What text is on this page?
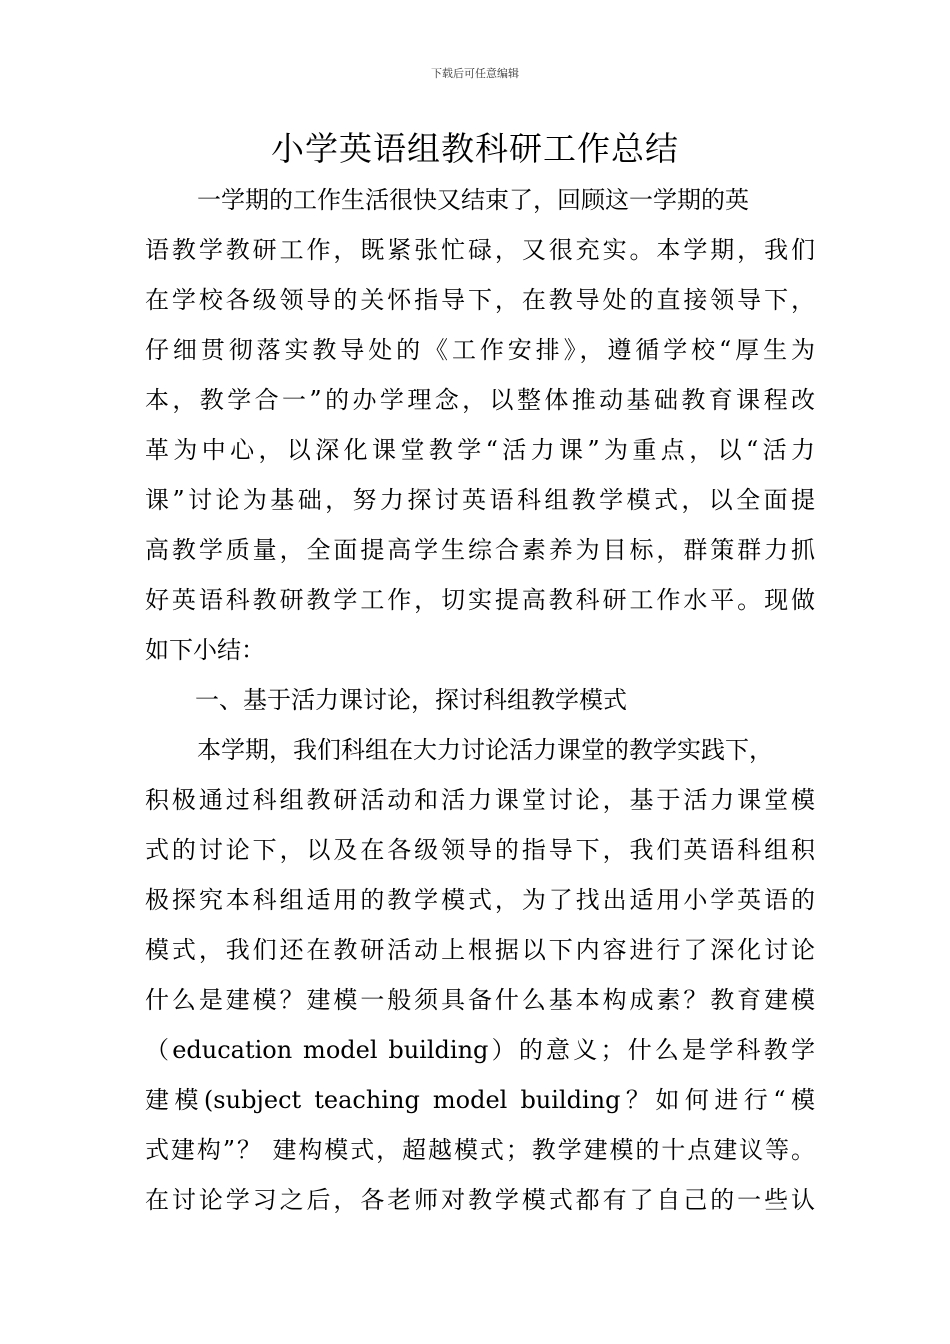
下载后可任意编辑
小学英语组教科研工作总结
一学期的工作生活很快又结束了，回顾这一学期的英
语教学教研工作，既紧张忙碌，又很充实。本学期，我们
在学校各级领导的关怀指导下，在教导处的直接领导下，
仔细贯彻落实教导处的《工作安排》，遵循学校“厚生为
本，教学合一”的办学理念，以整体推动基础教育课程改
革为中心，以深化课堂教学“活力课”为重点，以“活力
课”讨论为基础，努力探讨英语科组教学模式，以全面提
高教学质量，全面提高学生综合素养为目标，群策群力抓
好英语科教研教学工作，切实提高教科研工作水平。现做
如下小结：
一、基于活力课讨论，探讨科组教学模式
本学期，我们科组在大力讨论活力课堂的教学实践下，
积极通过科组教研活动和活力课堂讨论，基于活力课堂模
式的讨论下，以及在各级领导的指导下，我们英语科组积
极探究本科组适用的教学模式，为了找出适用小学英语的
模式，我们还在教研活动上根据以下内容进行了深化讨论
什么是建模？建模一般须具备什么基本构成素？教育建模
（education model building）的意义；什么是学科教学
建模(subject teaching model building？如何进行“模
式建构”？ 建构模式，超越模式；教学建模的十点建议等。
在讨论学习之后，各老师对教学模式都有了自己的一些认
